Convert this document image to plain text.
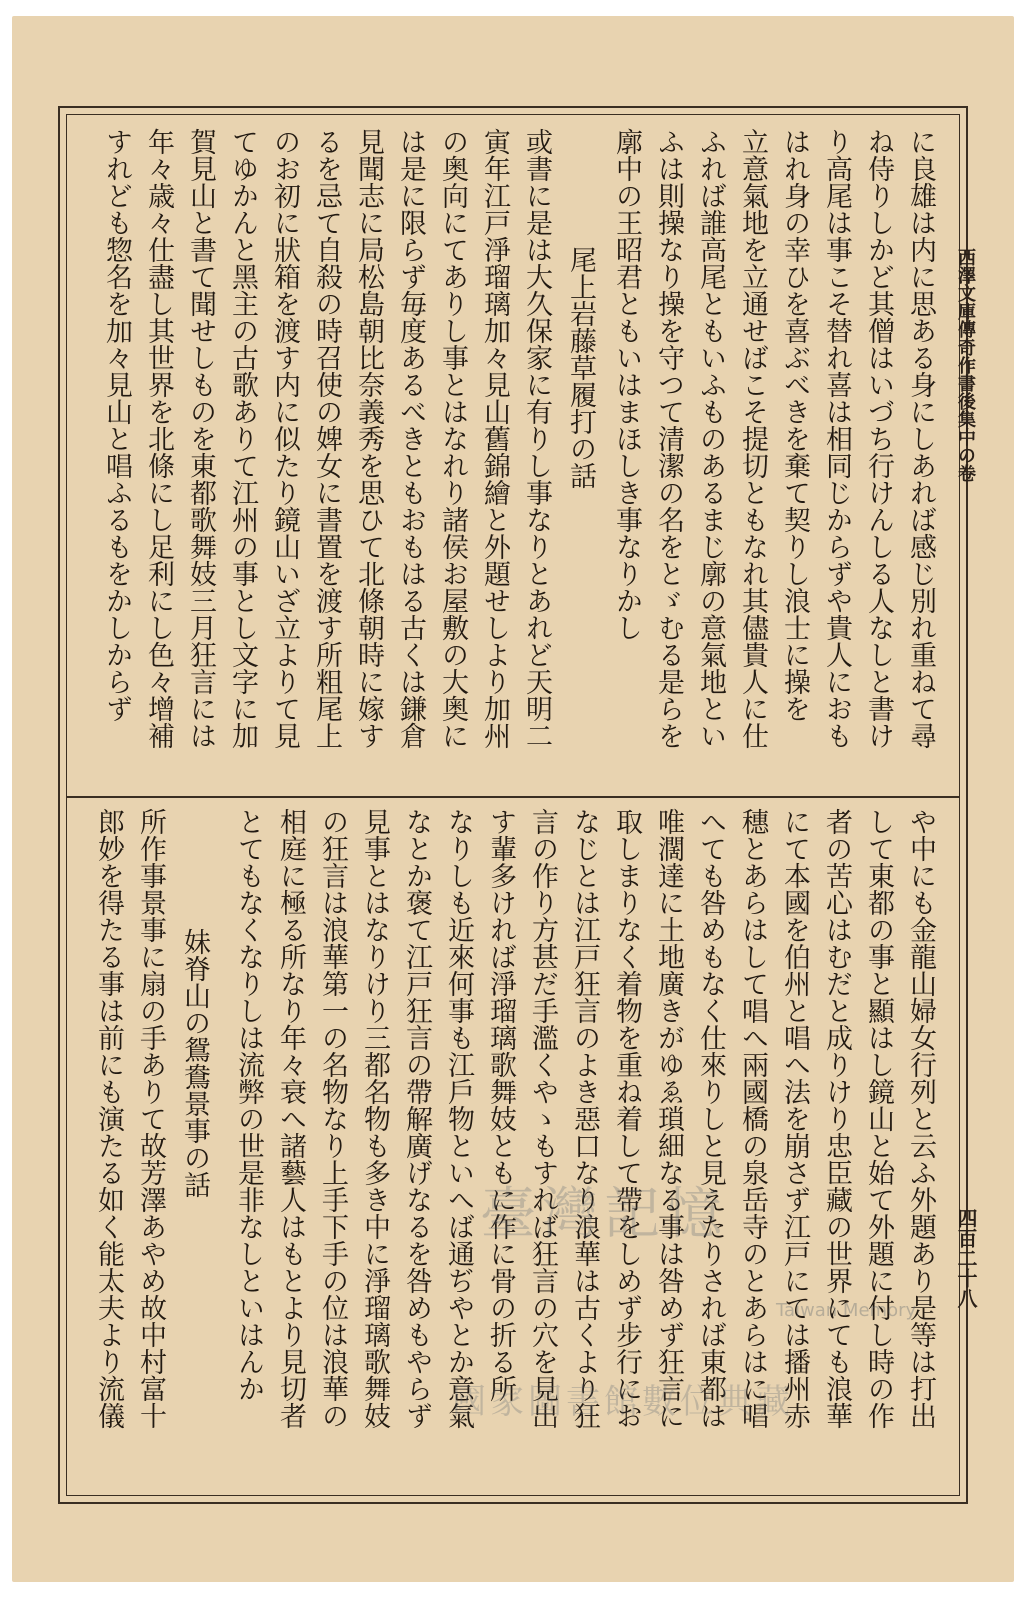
西澤文庫傳奇作書後集中の卷
四百二十八
に良雄は内に思ある身にしあれば感じ別れ重ねて尋
ね侍りしかど其僧はいづち行けんしる人なしと書け
り高尾は事こそ替れ喜は相同じからずや貴人におも
はれ身の幸ひを喜ぶべきを棄て契りし浪士に操を
立意氣地を立通せばこそ提切ともなれ其儘貴人に仕
ふれば誰高尾ともいふものあるまじ廓の意氣地とい
ふは則操なり操を守つて清潔の名をとゞむる是らを
廓中の王昭君ともいはまほしき事なりかし
尾上岩藤草履打の話
或書に是は大久保家に有りし事なりとあれど天明二
寅年江戸淨瑠璃加々見山舊錦繪と外題せしより加州
の奥向にてありし事とはなれり諸侯お屋敷の大奥に
は是に限らず毎度あるべきともおもはる古くは鎌倉
見聞志に局松島朝比奈義秀を思ひて北條朝時に嫁す
るを忌て自殺の時召使の婢女に書置を渡す所粗尾上
のお初に狀箱を渡す内に似たり鏡山いざ立よりて見
てゆかんと黑主の古歌ありて江州の事とし文字に加
賀見山と書て聞せしものを東都歌舞妓三月狂言には
年々歳々仕盡し其世界を北條にし足利にし色々增補
すれども惣名を加々見山と唱ふるもをかしからず
や中にも金龍山婦女行列と云ふ外題あり是等は打出
して東都の事と顯はし鏡山と始て外題に付し時の作
者の苦心はむだと成りけり忠臣藏の世界にても浪華
にて本國を伯州と唱へ法を崩さず江戸にては播州赤
穗とあらはして唱へ兩國橋の泉岳寺のとあらはに唱
へても咎めもなく仕來りしと見えたりされば東都は
唯濶達に土地廣きがゆゑ瑣細なる事は咎めず狂言に
取しまりなく着物を重ね着して帶をしめず步行にお
なじとは江戸狂言のよき惡口なり浪華は古くより狂
言の作り方甚だ手濫くやゝもすれば狂言の穴を見出
す輩多ければ淨瑠璃歌舞妓ともに作に骨の折る所
なりしも近來何事も江戶物といへば通ぢやとか意氣
なとか褒て江戸狂言の帶解廣げなるを咎めもやらず
見事とはなりけり三都名物も多き中に淨瑠璃歌舞妓
の狂言は浪華第一の名物なり上手下手の位は浪華の
相庭に極る所なり年々衰へ諸藝人はもとより見切者
とてもなくなりしは流弊の世是非なしといはんか
妹脊山の鴛鴦景事の話
所作事景事に扇の手ありて故芳澤あやめ故中村富十
郎妙を得たる事は前にも演たる如く能太夫より流儀	臺灣記憶
Taiwan Memory
國家圖書館數位典藏
